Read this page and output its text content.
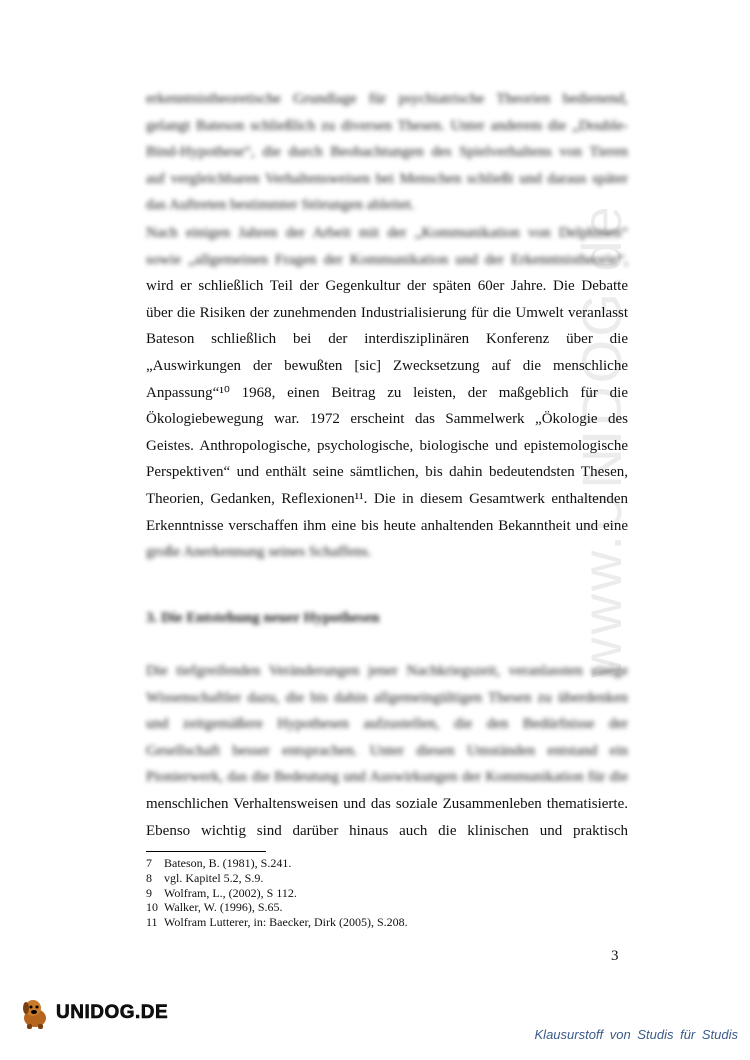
www.UNIDOG.de
erkenntnistheoretische Grundlage für psychiatrische Theorien bedienend,
gelangt Bateson schließlich zu diversen Thesen. Unter anderem die „Double-
Bind-Hypothese“, die durch Beobachtungen des Spielverhaltens von Tieren
auf vergleichbaren Verhaltensweisen bei Menschen schließt und daraus später
das Auftreten bestimmter Störungen ableitet.
Nach einigen Jahren der Arbeit mit der „Kommunikation von Delphinen“
sowie „allgemeinen Fragen der Kommunikation und der Erkenntnistheorie“,
wird er schließlich Teil der Gegenkultur der späten 60er Jahre. Die Debatte
über die Risiken der zunehmenden Industrialisierung für die Umwelt veranlasst
Bateson schließlich bei der interdisziplinären Konferenz über die
„Auswirkungen der bewußten [sic] Zwecksetzung auf die menschliche
Anpassung“¹⁰ 1968, einen Beitrag zu leisten, der maßgeblich für die
Ökologiebewegung war. 1972 erscheint das Sammelwerk „Ökologie des
Geistes. Anthropologische, psychologische, biologische und epistemologische
Perspektiven“ und enthält seine sämtlichen, bis dahin bedeutendsten Thesen,
Theorien, Gedanken, Reflexionen¹¹. Die in diesem Gesamtwerk enthaltenden
Erkenntnisse verschaffen ihm eine bis heute anhaltenden Bekanntheit und eine
große Anerkennung seines Schaffens.
3. Die Entstehung neuer Hypothesen
Die tiefgreifenden Veränderungen jener Nachkriegszeit, veranlassten einige
Wissenschaftler dazu, die bis dahin allgemeingültigen Thesen zu überdenken
und zeitgemäßere Hypothesen aufzustellen, die den Bedürfnisse der
Gesellschaft besser entsprachen. Unter diesen Umständen entstand ein
Pionierwerk, das die Bedeutung und Auswirkungen der Kommunikation für die
menschlichen Verhaltensweisen und das soziale Zusammenleben thematisierte.
Ebenso wichtig sind darüber hinaus auch die klinischen und praktisch
7 Bateson, B. (1981), S.241.
8 vgl. Kapitel 5.2, S.9.
9 Wolfram, L., (2002), S 112.
10 Walker, W. (1996), S.65.
11 Wolfram Lutterer, in: Baecker, Dirk (2005), S.208.
3
UNIDOG.DE
Klausurstoff von Studis für Studis
